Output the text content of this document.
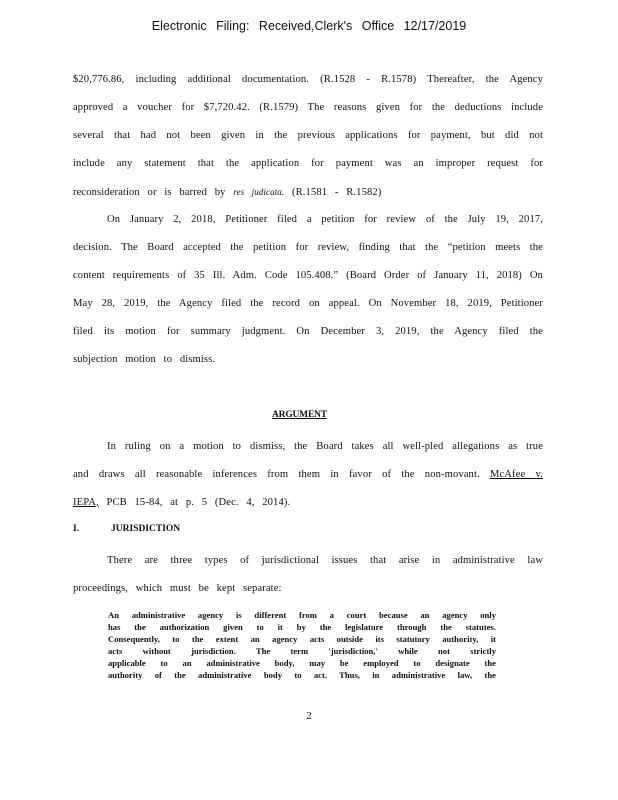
Electronic Filing: Received,Clerk's Office 12/17/2019

$20,776.86, including additional documentation. (R.1528 - R.1578) Thereafter, the Agency approved a voucher for $7,720.42. (R.1579) The reasons given for the deductions include several that had not been given in the previous applications for payment, but did not include any statement that the application for payment was an improper request for reconsideration or is barred by res judicata. (R.1581 - R.1582)

On January 2, 2018, Petitioner filed a petition for review of the July 19, 2017, decision. The Board accepted the petition for review, finding that the “petition meets the content requirements of 35 Ill. Adm. Code 105.408.” (Board Order of January 11, 2018) On May 28, 2019, the Agency filed the record on appeal. On November 18, 2019, Petitioner filed its motion for summary judgment. On December 3, 2019, the Agency filed the subjection motion to dismiss.

ARGUMENT

In ruling on a motion to dismiss, the Board takes all well-pled allegations as true and draws all reasonable inferences from them in favor of the non-movant. McAfee v. IEPA, PCB 15-84, at p. 5 (Dec. 4, 2014).

I.	JURISDICTION

There are three types of jurisdictional issues that arise in administrative law proceedings, which must be kept separate:

An administrative agency is different from a court because an agency only

has the authorization given to it by the legislature through the statutes.

Consequently, to the extent an agency acts outside its statutory authority, it

acts without jurisdiction. The term 'jurisdiction,' while not strictly

applicable to an administrative body, may be employed to designate the

authority of the administrative body to act. Thus, in administrative law, the

2
